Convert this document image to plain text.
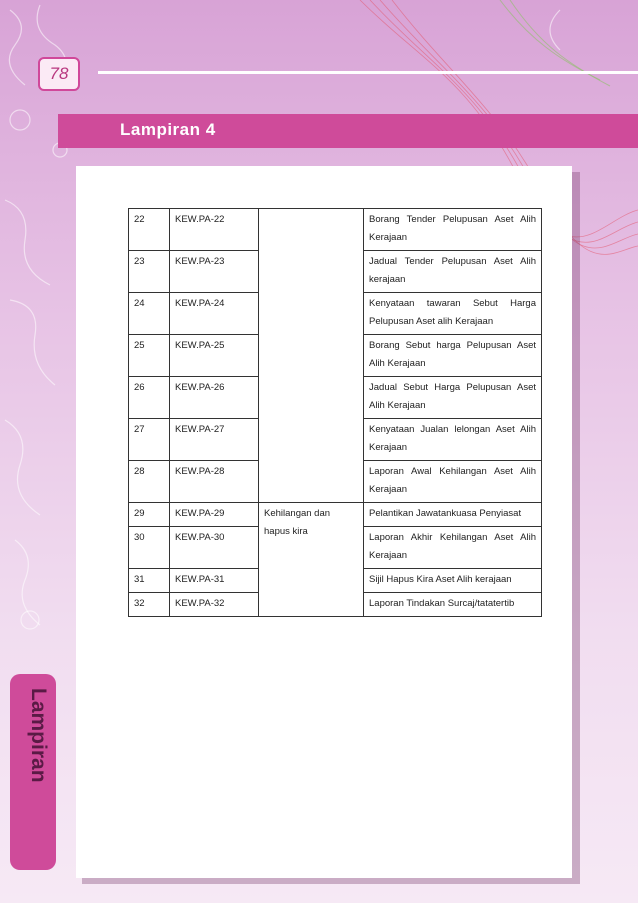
78
Lampiran 4
Lampiran
22	KEW.PA-22		Borang Tender Pelupusan Aset Alih Kerajaan
23	KEW.PA-23		Jadual Tender Pelupusan Aset Alih kerajaan
24	KEW.PA-24		Kenyataan tawaran Sebut Harga Pelupusan Aset alih Kerajaan
25	KEW.PA-25		Borang Sebut harga Pelupusan Aset Alih Kerajaan
26	KEW.PA-26		Jadual Sebut Harga Pelupusan Aset Alih Kerajaan
27	KEW.PA-27		Kenyataan Jualan lelongan Aset Alih Kerajaan
28	KEW.PA-28		Laporan Awal Kehilangan Aset Alih Kerajaan
29	KEW.PA-29	Kehilangan dan hapus kira	Pelantikan Jawatankuasa Penyiasat
30	KEW.PA-30		Laporan Akhir Kehilangan Aset Alih Kerajaan
31	KEW.PA-31		Sijil Hapus Kira Aset Alih kerajaan
32	KEW.PA-32		Laporan Tindakan Surcaj/tatatertib
